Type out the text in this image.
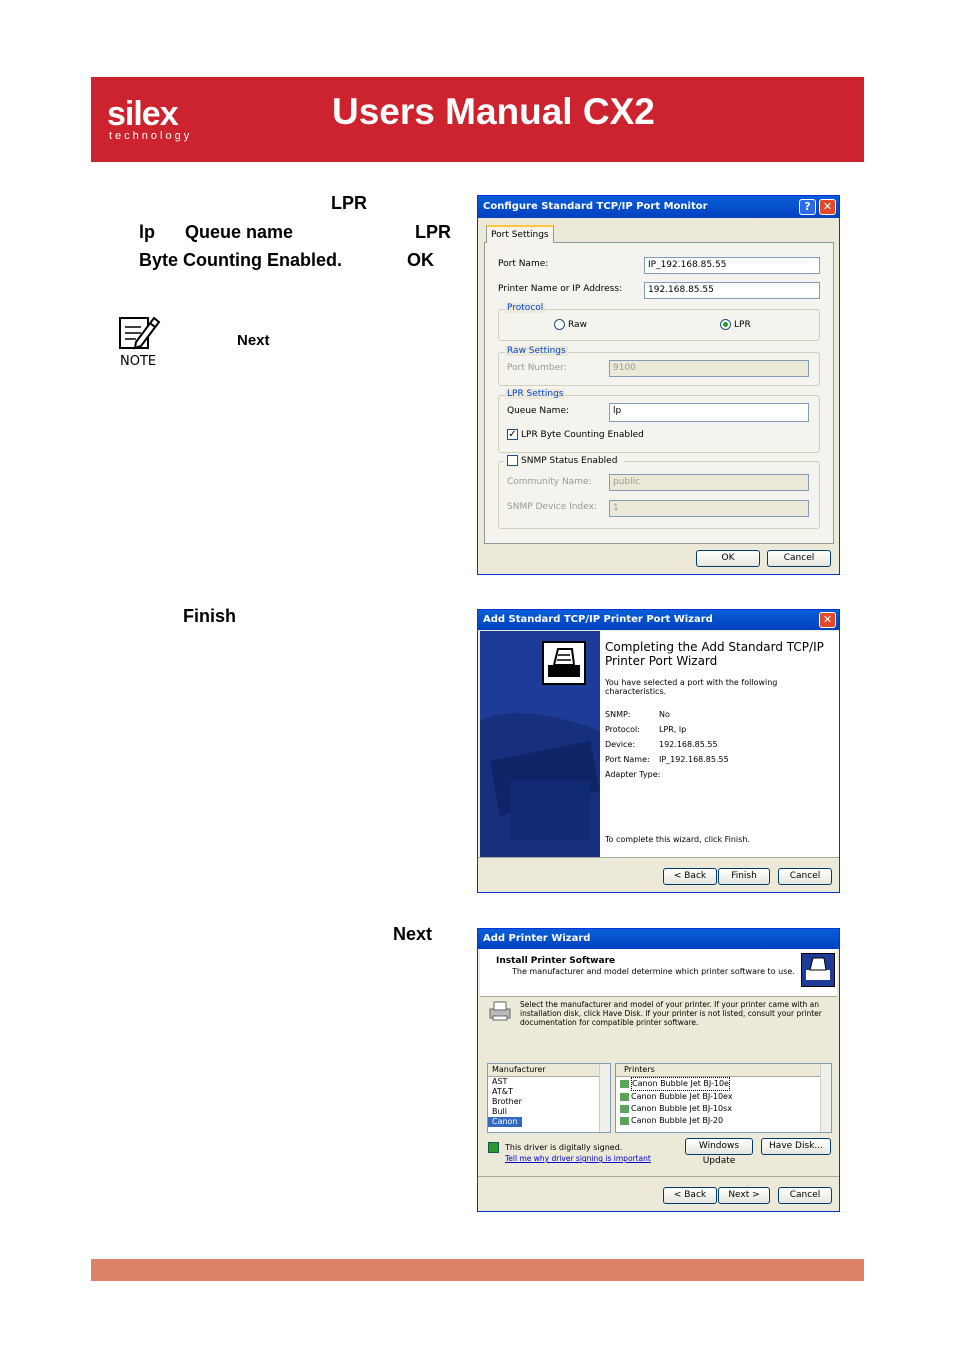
silex
technology
Users Manual CX2
LPR
lp Queue name	LPR
Byte Counting Enabled.	OK
NOTE
Next
Finish
Next
Configure Standard TCP/IP Port Monitor	?	✕
Port Settings
Port Name:	IP_192.168.85.55
Printer Name or IP Address:	192.168.85.55
Protocol
Raw	LPR
Raw Settings
Port Number:	9100
LPR Settings
Queue Name:	lp
✓ LPR Byte Counting Enabled
SNMP Status Enabled
Community Name:	public
SNMP Device Index:	1
OK	Cancel
Add Standard TCP/IP Printer Port Wizard	✕
Completing the Add Standard TCP/IP Printer Port Wizard
You have selected a port with the following characteristics.
SNMP:	No
Protocol: LPR, lp
Device:	192.168.85.55
Port Name: IP_192.168.85.55
Adapter Type:
To complete this wizard, click Finish.
< Back	Finish	Cancel
Add Printer Wizard
Install Printer Software
The manufacturer and model determine which printer software to use.
Select the manufacturer and model of your printer. If your printer came with an installation disk, click Have Disk. If your printer is not listed, consult your printer documentation for compatible printer software.
Manufacturer
AST
AT&T
Brother
Bull
Canon
Printers
Canon Bubble Jet BJ-10e
Canon Bubble Jet BJ-10ex
Canon Bubble Jet BJ-10sx
Canon Bubble Jet BJ-20
This driver is digitally signed.
Tell me why driver signing is important
Windows Update
Have Disk...
< Back	Next >	Cancel
